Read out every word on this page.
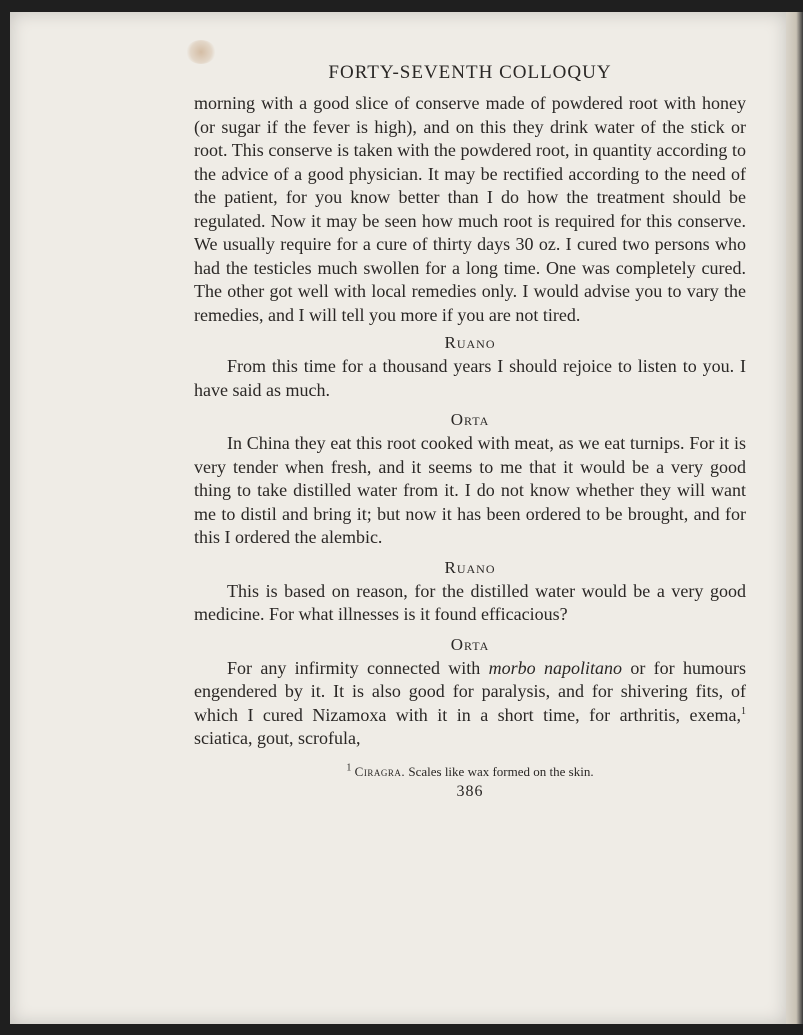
FORTY-SEVENTH COLLOQUY

morning with a good slice of conserve made of powdered root with honey (or sugar if the fever is high), and on this they drink water of the stick or root. This conserve is taken with the powdered root, in quantity according to the advice of a good physician. It may be rectified according to the need of the patient, for you know better than I do how the treatment should be regulated. Now it may be seen how much root is required for this conserve. We usually require for a cure of thirty days 30 oz. I cured two persons who had the testicles much swollen for a long time. One was completely cured. The other got well with local remedies only. I would advise you to vary the remedies, and I will tell you more if you are not tired.

Ruano

From this time for a thousand years I should rejoice to listen to you. I have said as much.

Orta

In China they eat this root cooked with meat, as we eat turnips. For it is very tender when fresh, and it seems to me that it would be a very good thing to take distilled water from it. I do not know whether they will want me to distil and bring it; but now it has been ordered to be brought, and for this I ordered the alembic.

Ruano

This is based on reason, for the distilled water would be a very good medicine. For what illnesses is it found efficacious?

Orta

For any infirmity connected with morbo napolitano or for humours engendered by it. It is also good for paralysis, and for shivering fits, of which I cured Nizamoxa with it in a short time, for arthritis, exema,$^1$ sciatica, gout, scrofula,

$^1$ Ciragra. Scales like wax formed on the skin.
386
